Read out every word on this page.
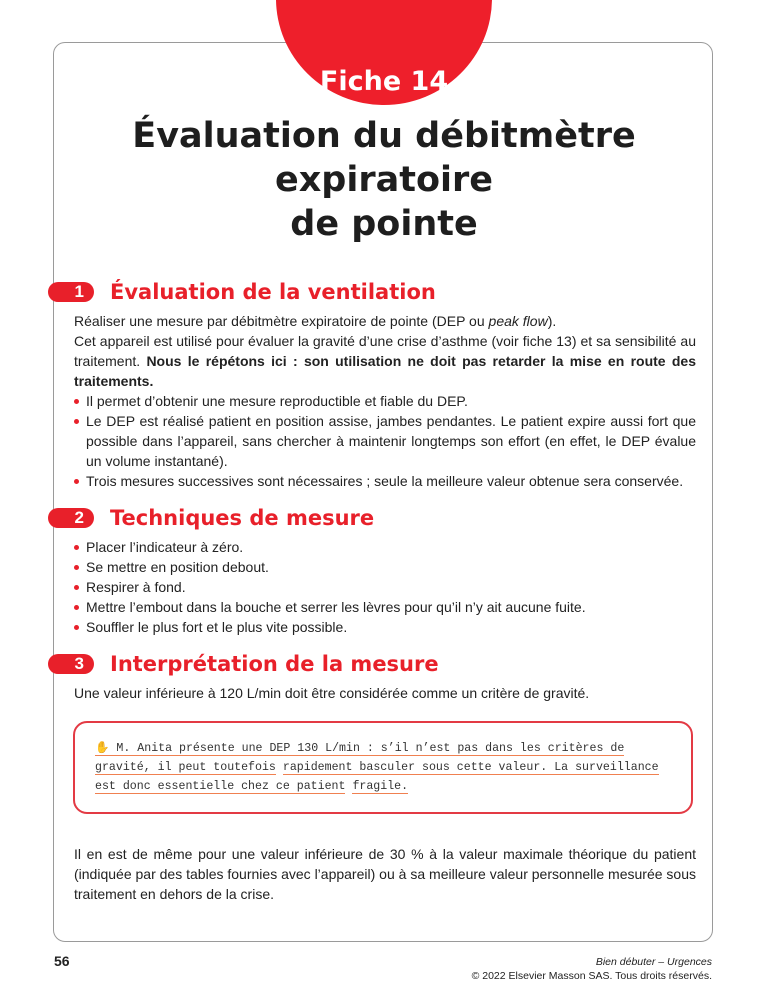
Fiche 14
Évaluation du débitmètre expiratoire
de pointe
1	Évaluation de la ventilation

Réaliser une mesure par débitmètre expiratoire de pointe (DEP ou peak flow).

Cet appareil est utilisé pour évaluer la gravité d’une crise d’asthme (voir fiche 13) et sa sensibilité au traitement. Nous le répétons ici : son utilisation ne doit pas retarder la mise en route des traitements.

Il permet d’obtenir une mesure reproductible et fiable du DEP.
Le DEP est réalisé patient en position assise, jambes pendantes. Le patient expire aussi fort que possible dans l’appareil, sans chercher à maintenir longtemps son effort (en effet, le DEP évalue un volume instantané).
Trois mesures successives sont nécessaires ; seule la meilleure valeur obtenue sera conservée.
2	Techniques de mesure
Placer l’indicateur à zéro.
Se mettre en position debout.
Respirer à fond.
Mettre l’embout dans la bouche et serrer les lèvres pour qu’il n’y ait aucune fuite.
Souffler le plus fort et le plus vite possible.
3	Interprétation de la mesure

Une valeur inférieure à 120 L/min doit être considérée comme un critère de gravité.

✋ M. Anita présente une DEP 130 L/min : s’il n’est pas dans les critères de gravité, il peut toutefois rapidement basculer sous cette valeur. La surveillance est donc essentielle chez ce patient fragile.

Il en est de même pour une valeur inférieure de 30 % à la valeur maximale théorique du patient (indiquée par des tables fournies avec l’appareil) ou à sa meilleure valeur personnelle mesurée sous traitement en dehors de la crise.

56	Bien débuter – Urgences
© 2022 Elsevier Masson SAS. Tous droits réservés.
